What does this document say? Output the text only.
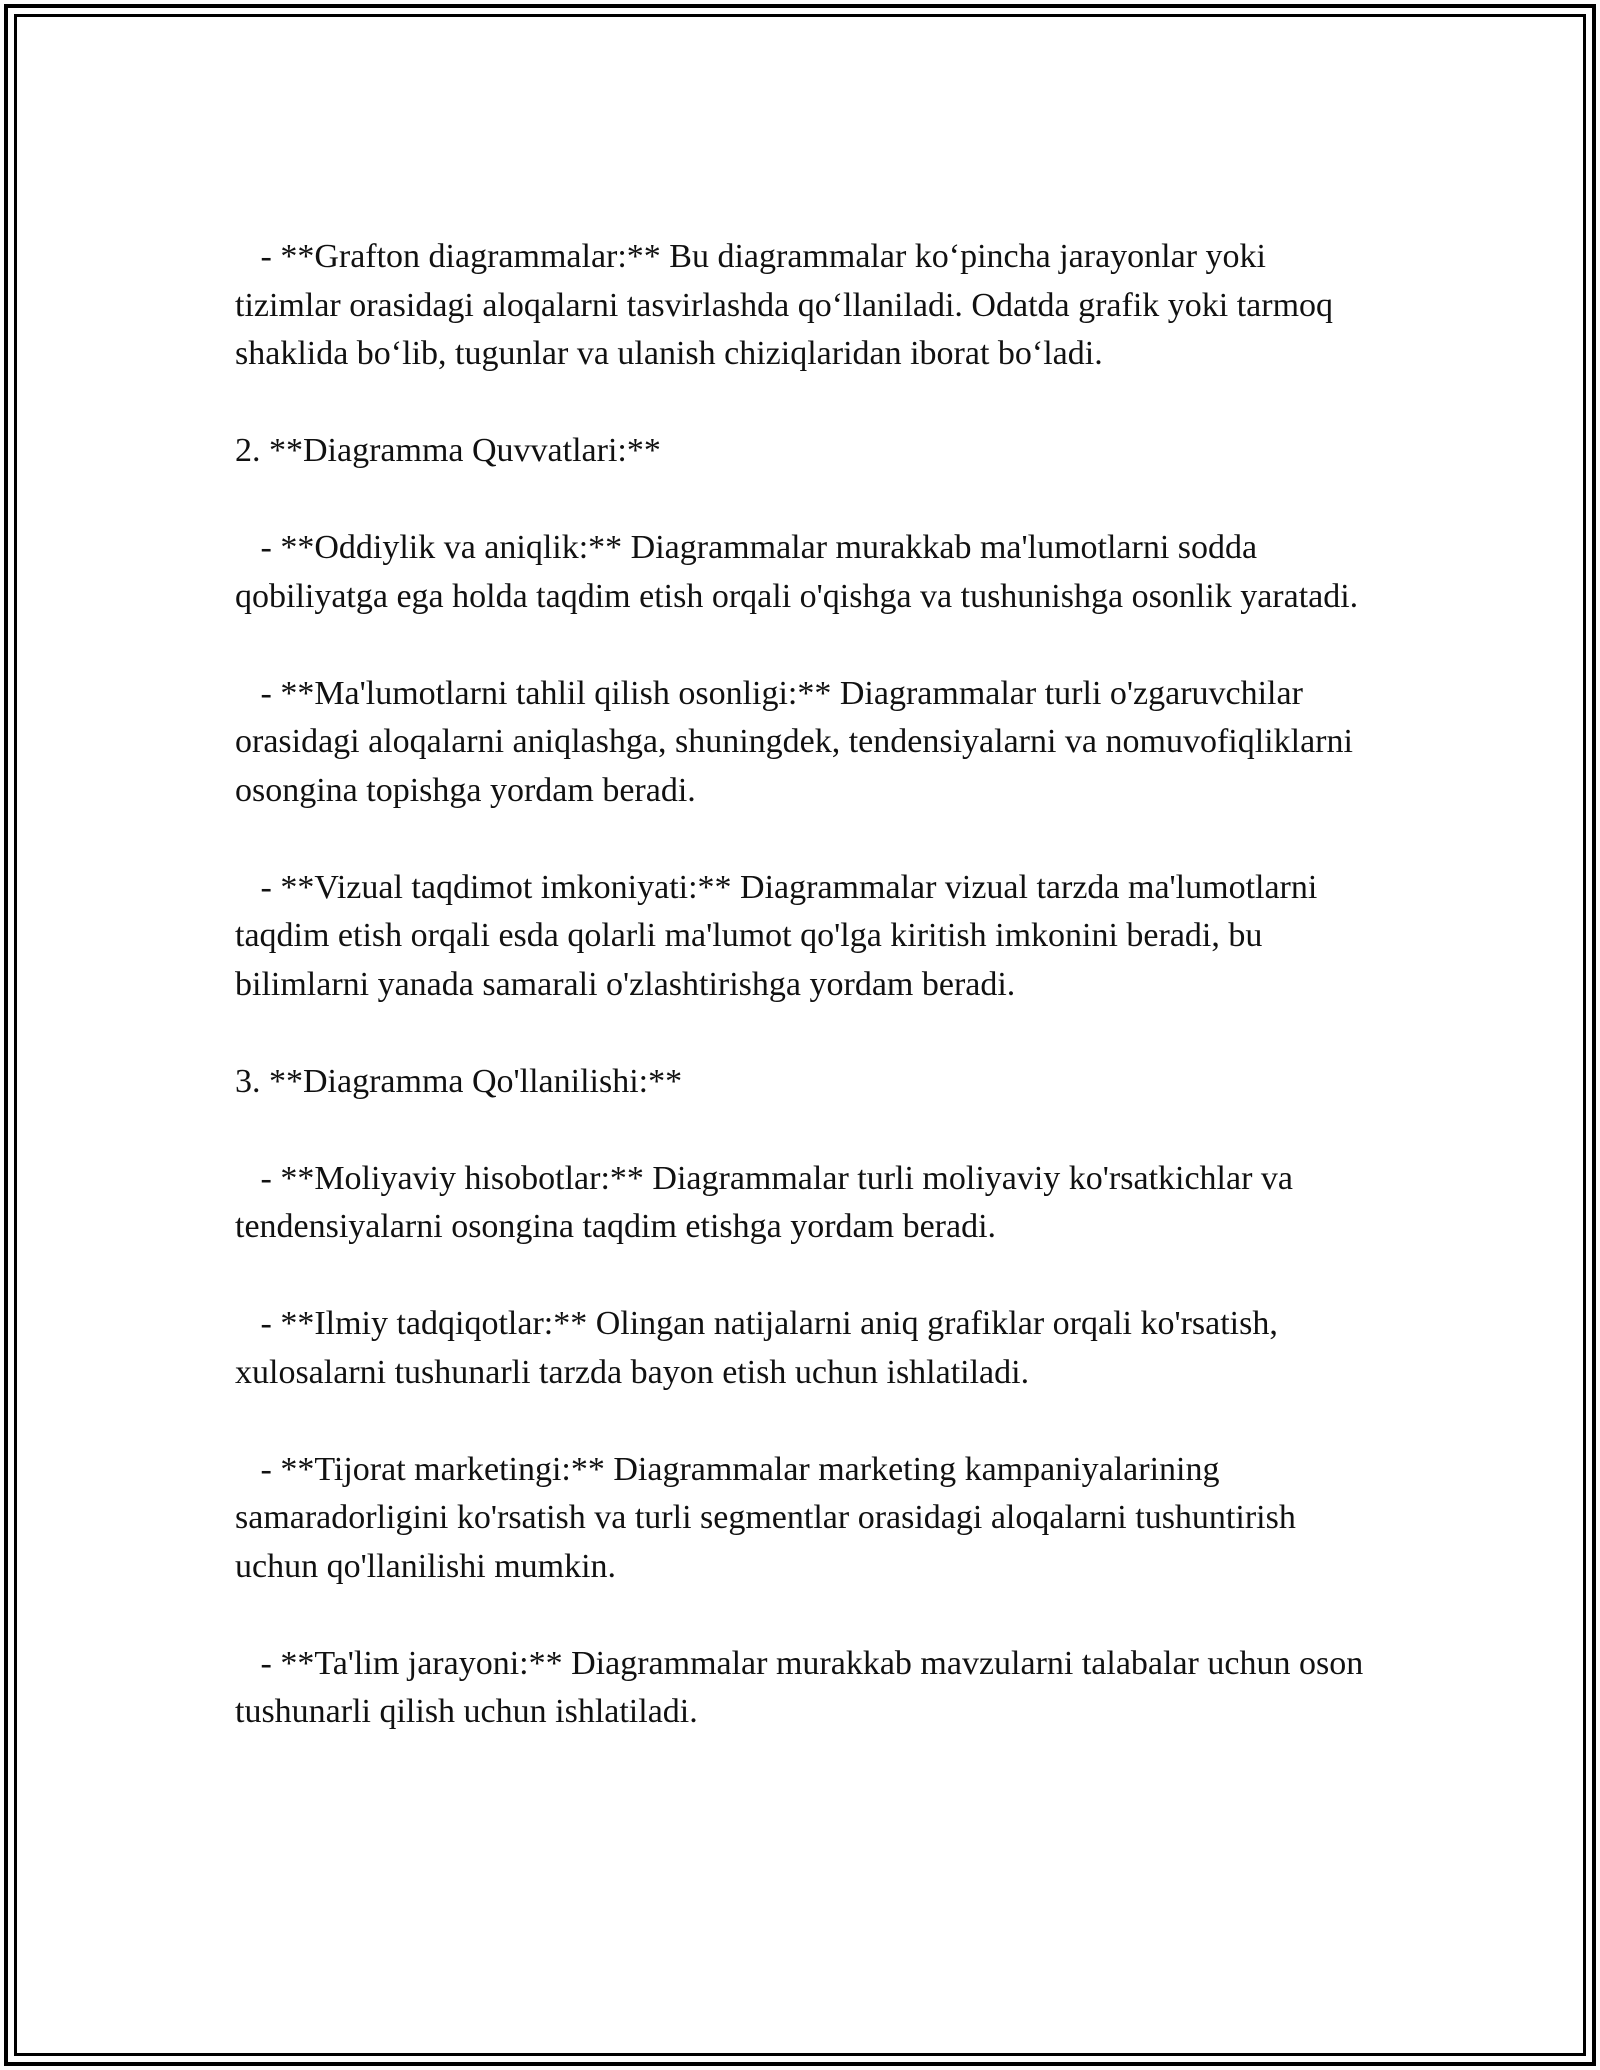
- **Grafton diagrammalar:** Bu diagrammalar ko‘pincha jarayonlar yoki tizimlar orasidagi aloqalarni tasvirlashda qo‘llaniladi. Odatda grafik yoki tarmoq shaklida bo‘lib, tugunlar va ulanish chiziqlaridan iborat bo‘ladi.

2. **Diagramma Quvvatlari:**

- **Oddiylik va aniqlik:** Diagrammalar murakkab ma'lumotlarni sodda qobiliyatga ega holda taqdim etish orqali o'qishga va tushunishga osonlik yaratadi.

- **Ma'lumotlarni tahlil qilish osonligi:** Diagrammalar turli o'zgaruvchilar orasidagi aloqalarni aniqlashga, shuningdek, tendensiyalarni va nomuvofiqliklarni osongina topishga yordam beradi.

- **Vizual taqdimot imkoniyati:** Diagrammalar vizual tarzda ma'lumotlarni taqdim etish orqali esda qolarli ma'lumot qo'lga kiritish imkonini beradi, bu bilimlarni yanada samarali o'zlashtirishga yordam beradi.

3. **Diagramma Qo'llanilishi:**

- **Moliyaviy hisobotlar:** Diagrammalar turli moliyaviy ko'rsatkichlar va tendensiyalarni osongina taqdim etishga yordam beradi.

- **Ilmiy tadqiqotlar:** Olingan natijalarni aniq grafiklar orqali ko'rsatish, xulosalarni tushunarli tarzda bayon etish uchun ishlatiladi.

- **Tijorat marketingi:** Diagrammalar marketing kampaniyalarining samaradorligini ko'rsatish va turli segmentlar orasidagi aloqalarni tushuntirish uchun qo'llanilishi mumkin.

- **Ta'lim jarayoni:** Diagrammalar murakkab mavzularni talabalar uchun oson tushunarli qilish uchun ishlatiladi.
